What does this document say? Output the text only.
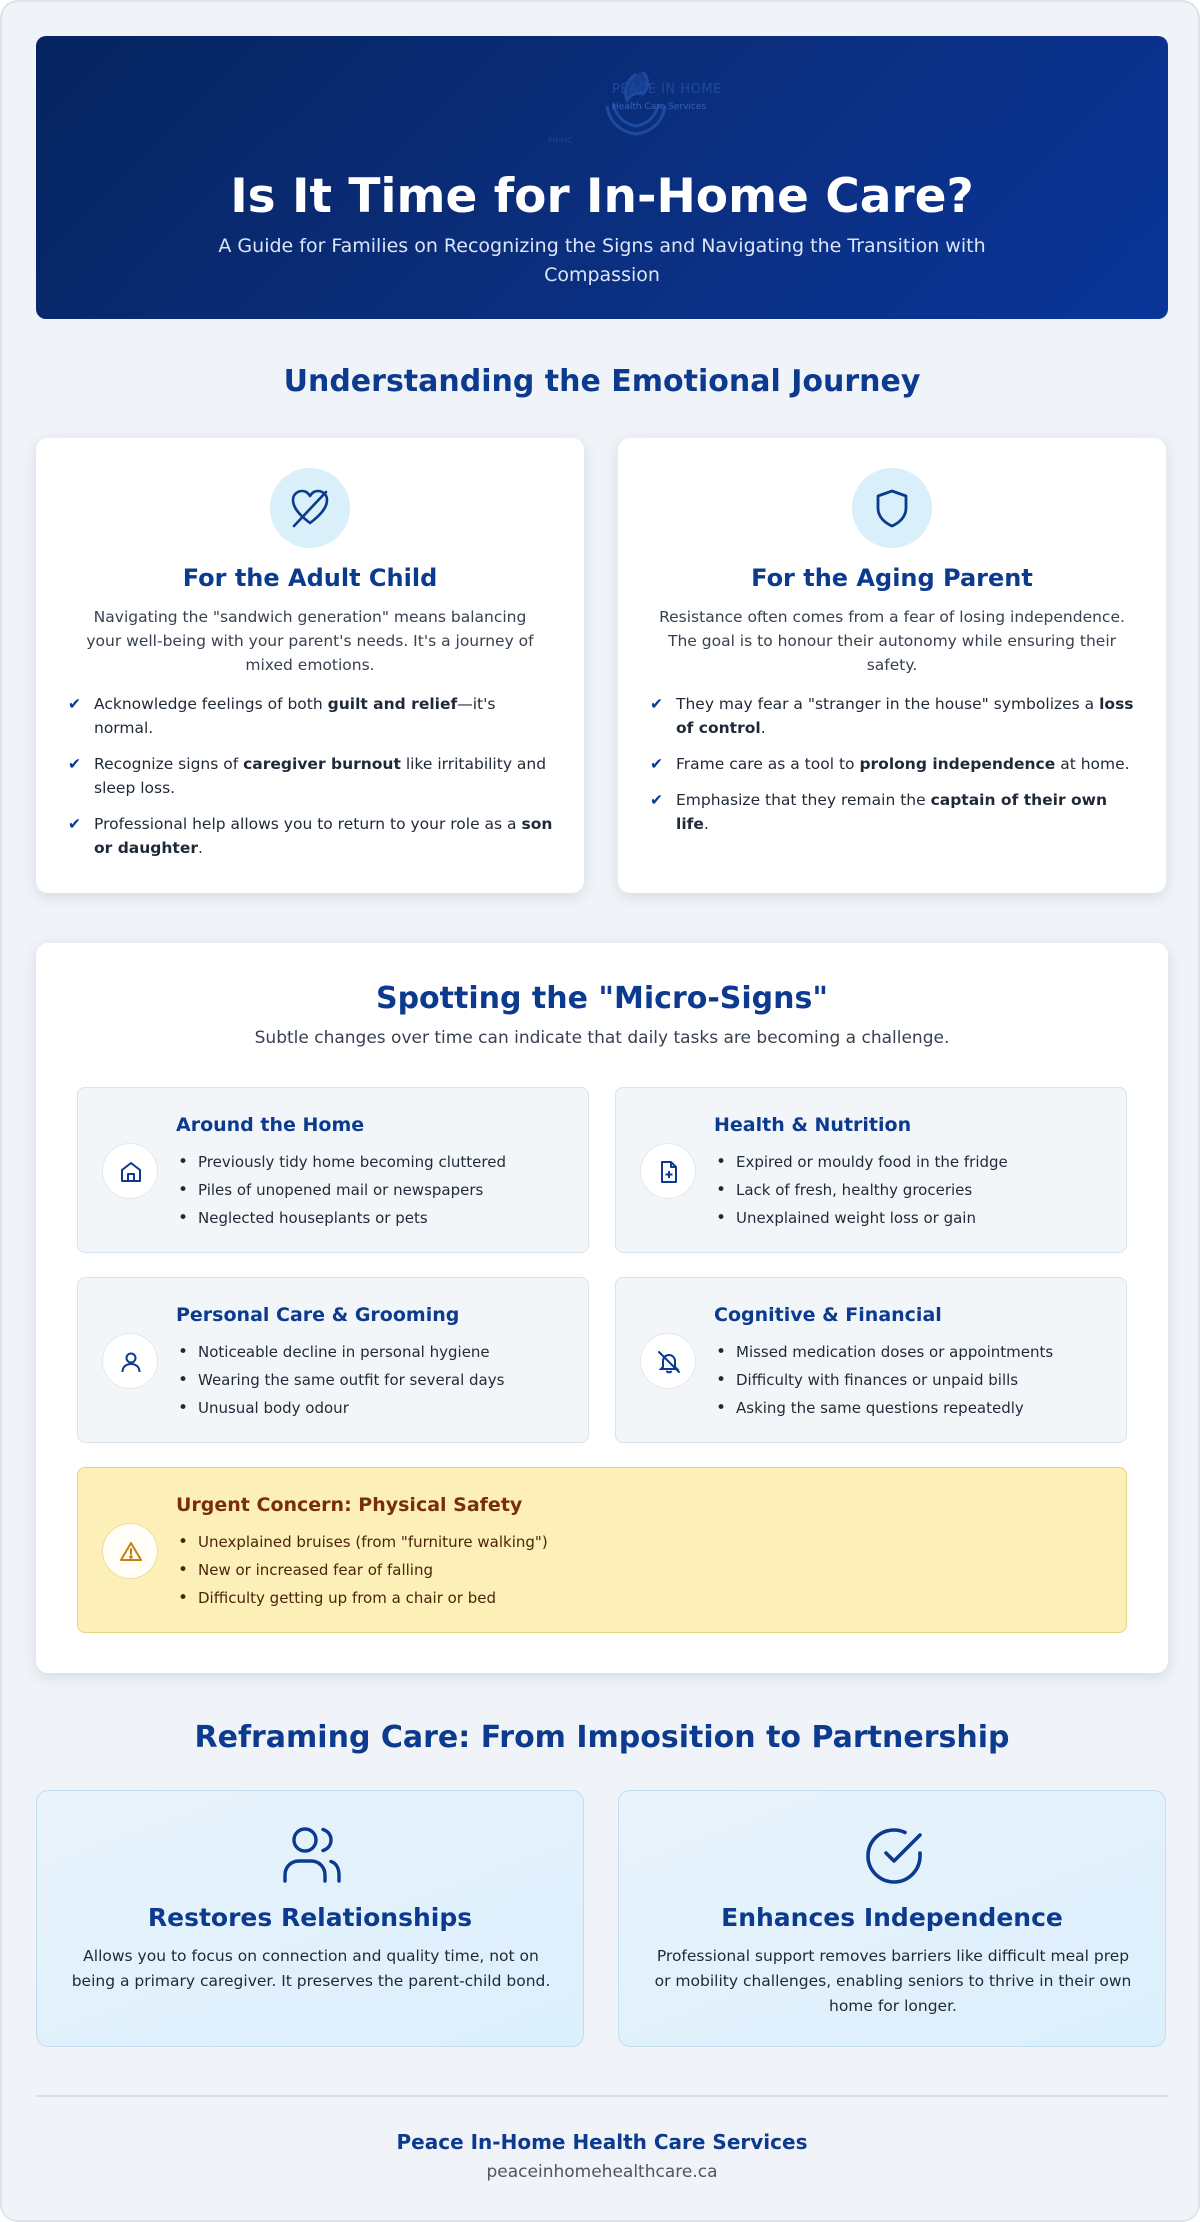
PEACE IN HOME
Health Care Services
PIHHC
Is It Time for In-Home Care?

A Guide for Families on Recognizing the Signs and Navigating the Transition with Compassion

Understanding the Emotional Journey
For the Adult Child

Navigating the "sandwich generation" means balancing your well-being with your parent's needs. It's a journey of mixed emotions.

✔ Acknowledge feelings of both guilt and relief—it's normal.
✔ Recognize signs of caregiver burnout like irritability and sleep loss.
✔ Professional help allows you to return to your role as a son or daughter.
For the Aging Parent

Resistance often comes from a fear of losing independence. The goal is to honour their autonomy while ensuring their safety.

✔ They may fear a "stranger in the house" symbolizes a loss of control.
✔ Frame care as a tool to prolong independence at home.
✔ Emphasize that they remain the captain of their own life.
Spotting the "Micro-Signs"

Subtle changes over time can indicate that daily tasks are becoming a challenge.

Around the Home
• Previously tidy home becoming cluttered
• Piles of unopened mail or newspapers
• Neglected houseplants or pets
Health & Nutrition
• Expired or mouldy food in the fridge
• Lack of fresh, healthy groceries
• Unexplained weight loss or gain
Personal Care & Grooming
• Noticeable decline in personal hygiene
• Wearing the same outfit for several days
• Unusual body odour
Cognitive & Financial
• Missed medication doses or appointments
• Difficulty with finances or unpaid bills
• Asking the same questions repeatedly
Urgent Concern: Physical Safety
• Unexplained bruises (from "furniture walking")
• New or increased fear of falling
• Difficulty getting up from a chair or bed
Reframing Care: From Imposition to Partnership
Restores Relationships

Allows you to focus on connection and quality time, not on being a primary caregiver. It preserves the parent-child bond.

Enhances Independence

Professional support removes barriers like difficult meal prep or mobility challenges, enabling seniors to thrive in their own home for longer.

Peace In-Home Health Care Services
peaceinhomehealthcare.ca
